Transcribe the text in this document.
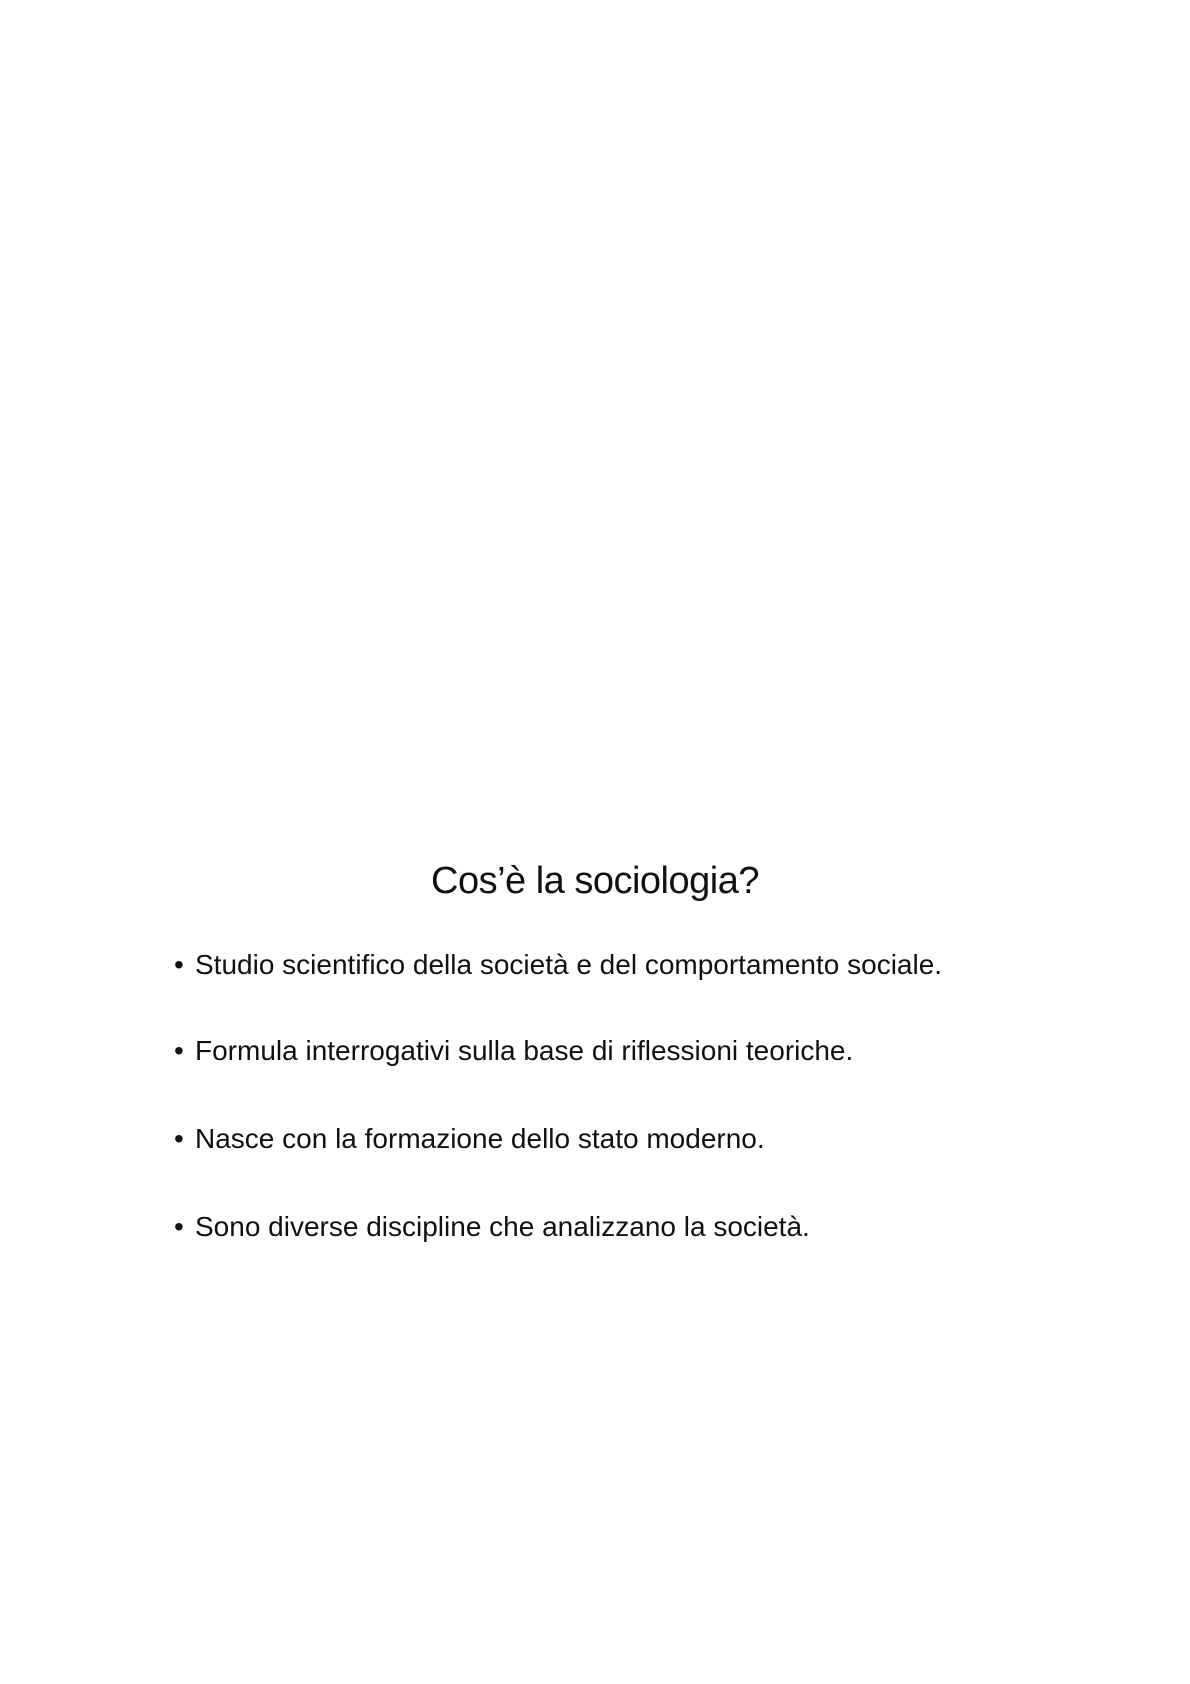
Cos’è la sociologia?
• Studio scientifico della società e del comportamento sociale.
• Formula interrogativi sulla base di riflessioni teoriche.
• Nasce con la formazione dello stato moderno.
• Sono diverse discipline che analizzano la società.
